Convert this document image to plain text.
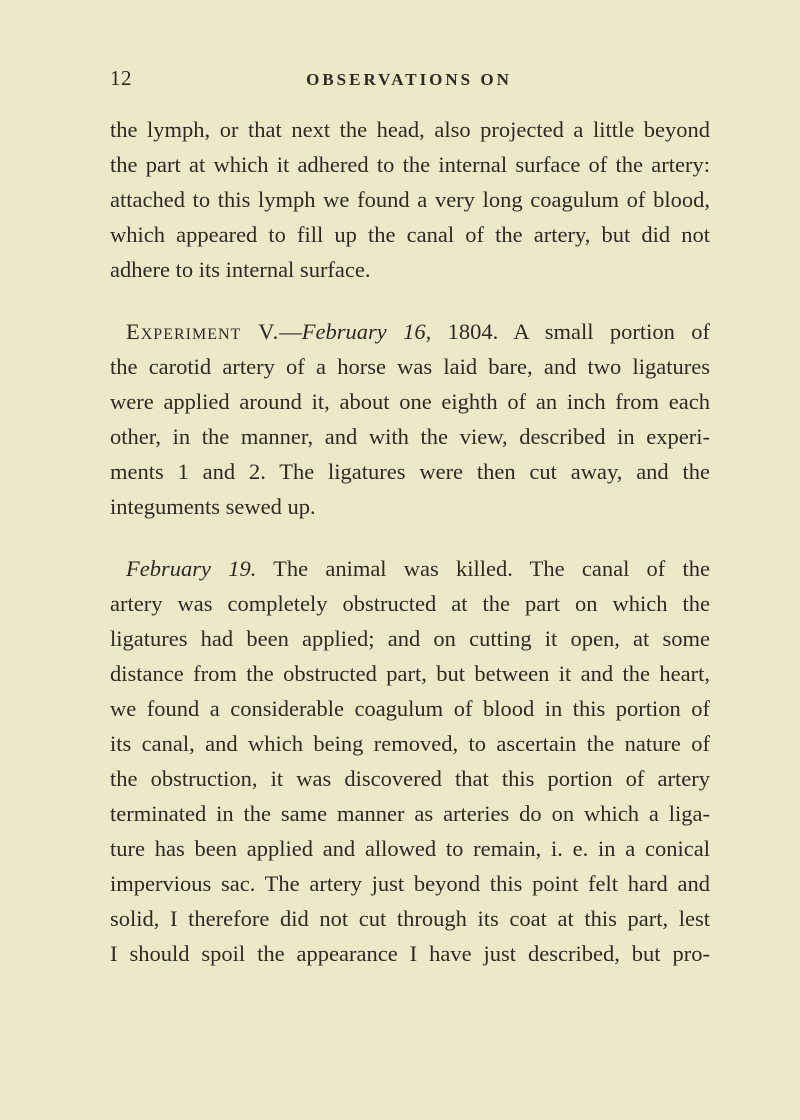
12	OBSERVATIONS ON
the lymph, or that next the head, also projected a little beyond
the part at which it adhered to the internal surface of the artery:
attached to this lymph we found a very long coagulum of blood,
which appeared to fill up the canal of the artery, but did not
adhere to its internal surface.
Experiment V.—February 16, 1804. A small portion of
the carotid artery of a horse was laid bare, and two ligatures
were applied around it, about one eighth of an inch from each
other, in the manner, and with the view, described in experi-
ments 1 and 2. The ligatures were then cut away, and the
integuments sewed up.
February 19. The animal was killed. The canal of the
artery was completely obstructed at the part on which the
ligatures had been applied; and on cutting it open, at some
distance from the obstructed part, but between it and the heart,
we found a considerable coagulum of blood in this portion of
its canal, and which being removed, to ascertain the nature of
the obstruction, it was discovered that this portion of artery
terminated in the same manner as arteries do on which a liga-
ture has been applied and allowed to remain, i. e. in a conical
impervious sac. The artery just beyond this point felt hard and
solid, I therefore did not cut through its coat at this part, lest
I should spoil the appearance I have just described, but pro-
